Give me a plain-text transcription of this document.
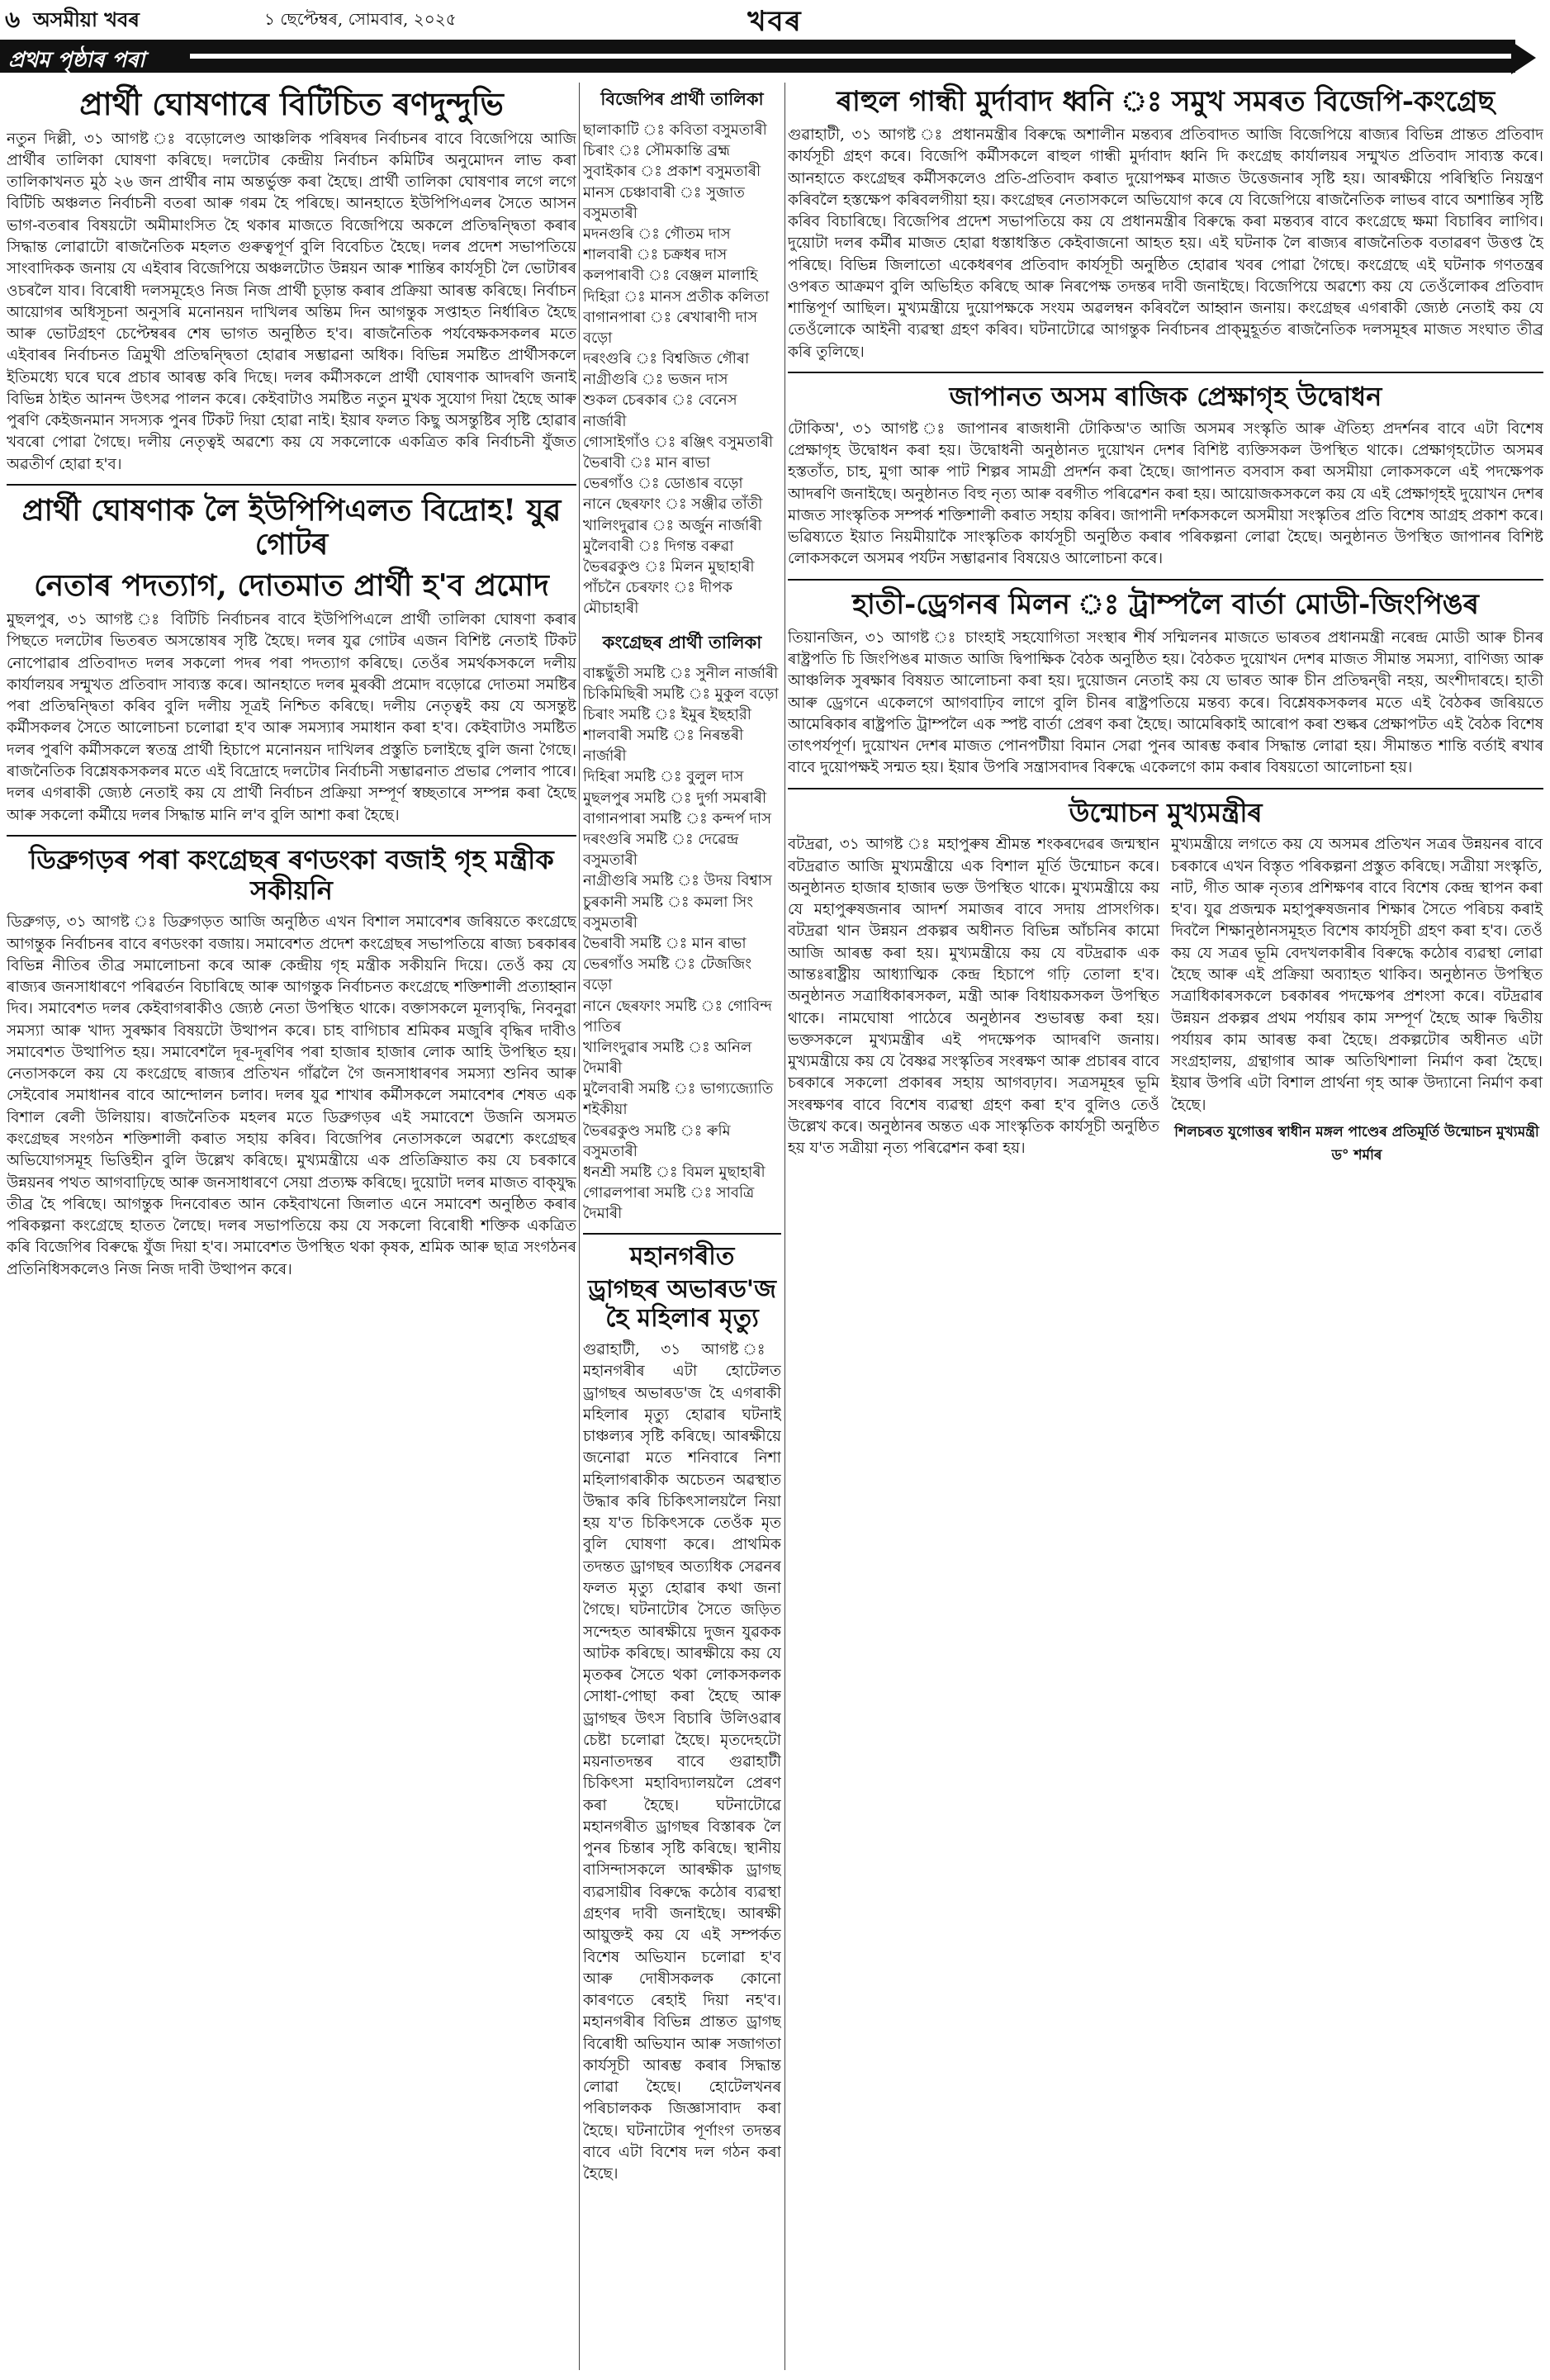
৬ অসমীয়া খবৰ	১ ছেপ্টেম্বৰ, সোমবাৰ, ২০২৫	খবৰ
প্ৰথম পৃষ্ঠাৰ পৰা
প্ৰাৰ্থী ঘোষণাৰে বিটিচিত ৰণদুন্দুভি
নতুন দিল্লী, ৩১ আগষ্ট ঃ বড়োলেণ্ড আঞ্চলিক পৰিষদৰ নিৰ্বাচনৰ বাবে বিজেপিয়ে আজি প্ৰাৰ্থীৰ তালিকা ঘোষণা কৰিছে। দলটোৰ কেন্দ্ৰীয় নিৰ্বাচন কমিটিৰ অনুমোদন লাভ কৰা তালিকাখনত মুঠ ২৬ জন প্ৰাৰ্থীৰ নাম অন্তৰ্ভুক্ত কৰা হৈছে। প্ৰাৰ্থী তালিকা ঘোষণাৰ লগে লগে বিটিচি অঞ্চলত নিৰ্বাচনী বতৰা আৰু গৰম হৈ পৰিছে। আনহাতে ইউপিপিএলৰ সৈতে আসন ভাগ-বতৰাৰ বিষয়টো অমীমাংসিত হৈ থকাৰ মাজতে বিজেপিয়ে অকলে প্ৰতিদ্বন্দ্বিতা কৰাৰ সিদ্ধান্ত লোৱাটো ৰাজনৈতিক মহলত গুৰুত্বপূৰ্ণ বুলি বিবেচিত হৈছে। দলৰ প্ৰদেশ সভাপতিয়ে সাংবাদিকক জনায় যে এইবাৰ বিজেপিয়ে অঞ্চলটোত উন্নয়ন আৰু শান্তিৰ কাৰ্যসূচী লৈ ভোটাৰৰ ওচৰলৈ যাব। বিৰোধী দলসমূহেও নিজ নিজ প্ৰাৰ্থী চূড়ান্ত কৰাৰ প্ৰক্ৰিয়া আৰম্ভ কৰিছে। নিৰ্বাচন আয়োগৰ অধিসূচনা অনুসৰি মনোনয়ন দাখিলৰ অন্তিম দিন আগন্তুক সপ্তাহত নিৰ্ধাৰিত হৈছে আৰু ভোটগ্ৰহণ চেপ্টেম্বৰৰ শেষ ভাগত অনুষ্ঠিত হ'ব। ৰাজনৈতিক পৰ্যবেক্ষকসকলৰ মতে এইবাৰৰ নিৰ্বাচনত ত্ৰিমুখী প্ৰতিদ্বন্দ্বিতা হোৱাৰ সম্ভাৱনা অধিক। বিভিন্ন সমষ্টিত প্ৰাৰ্থীসকলে ইতিমধ্যে ঘৰে ঘৰে প্ৰচাৰ আৰম্ভ কৰি দিছে। দলৰ কৰ্মীসকলে প্ৰাৰ্থী ঘোষণাক আদৰণি জনাই বিভিন্ন ঠাইত আনন্দ উৎসৱ পালন কৰে। কেইবাটাও সমষ্টিত নতুন মুখক সুযোগ দিয়া হৈছে আৰু পুৰণি কেইজনমান সদস্যক পুনৰ টিকট দিয়া হোৱা নাই। ইয়াৰ ফলত কিছু অসন্তুষ্টিৰ সৃষ্টি হোৱাৰ খবৰো পোৱা গৈছে। দলীয় নেতৃত্বই অৱশ্যে কয় যে সকলোকে একত্ৰিত কৰি নিৰ্বাচনী যুঁজত অৱতীৰ্ণ হোৱা হ'ব।
প্ৰাৰ্থী ঘোষণাক লৈ ইউপিপিএলত বিদ্ৰোহ! যুৱ গোটৰ
নেতাৰ পদত্যাগ, দোতমাত প্ৰাৰ্থী হ'ব প্ৰমোদ
মুছলপুৰ, ৩১ আগষ্ট ঃ বিটিচি নিৰ্বাচনৰ বাবে ইউপিপিএলে প্ৰাৰ্থী তালিকা ঘোষণা কৰাৰ পিছতে দলটোৰ ভিতৰত অসন্তোষৰ সৃষ্টি হৈছে। দলৰ যুৱ গোটৰ এজন বিশিষ্ট নেতাই টিকট নোপোৱাৰ প্ৰতিবাদত দলৰ সকলো পদৰ পৰা পদত্যাগ কৰিছে। তেওঁৰ সমৰ্থকসকলে দলীয় কাৰ্যালয়ৰ সন্মুখত প্ৰতিবাদ সাব্যস্ত কৰে। আনহাতে দলৰ মুৰব্বী প্ৰমোদ বড়োৱে দোতমা সমষ্টিৰ পৰা প্ৰতিদ্বন্দ্বিতা কৰিব বুলি দলীয় সূত্ৰই নিশ্চিত কৰিছে। দলীয় নেতৃত্বই কয় যে অসন্তুষ্ট কৰ্মীসকলৰ সৈতে আলোচনা চলোৱা হ'ব আৰু সমস্যাৰ সমাধান কৰা হ'ব। কেইবাটাও সমষ্টিত দলৰ পুৰণি কৰ্মীসকলে স্বতন্ত্ৰ প্ৰাৰ্থী হিচাপে মনোনয়ন দাখিলৰ প্ৰস্তুতি চলাইছে বুলি জনা গৈছে। ৰাজনৈতিক বিশ্লেষকসকলৰ মতে এই বিদ্ৰোহে দলটোৰ নিৰ্বাচনী সম্ভাৱনাত প্ৰভাৱ পেলাব পাৰে। দলৰ এগৰাকী জ্যেষ্ঠ নেতাই কয় যে প্ৰাৰ্থী নিৰ্বাচন প্ৰক্ৰিয়া সম্পূৰ্ণ স্বচ্ছতাৰে সম্পন্ন কৰা হৈছে আৰু সকলো কৰ্মীয়ে দলৰ সিদ্ধান্ত মানি ল'ব বুলি আশা কৰা হৈছে।
ডিব্ৰুগড়ৰ পৰা কংগ্ৰেছৰ ৰণডংকা বজাই গৃহ মন্ত্ৰীক সকীয়নি
ডিব্ৰুগড়, ৩১ আগষ্ট ঃ ডিব্ৰুগড়ত আজি অনুষ্ঠিত এখন বিশাল সমাবেশৰ জৰিয়তে কংগ্ৰেছে আগন্তুক নিৰ্বাচনৰ বাবে ৰণডংকা বজায়। সমাবেশত প্ৰদেশ কংগ্ৰেছৰ সভাপতিয়ে ৰাজ্য চৰকাৰৰ বিভিন্ন নীতিৰ তীব্ৰ সমালোচনা কৰে আৰু কেন্দ্ৰীয় গৃহ মন্ত্ৰীক সকীয়নি দিয়ে। তেওঁ কয় যে ৰাজ্যৰ জনসাধাৰণে পৰিৱৰ্তন বিচাৰিছে আৰু আগন্তুক নিৰ্বাচনত কংগ্ৰেছে শক্তিশালী প্ৰত্যাহ্বান দিব। সমাবেশত দলৰ কেইবাগৰাকীও জ্যেষ্ঠ নেতা উপস্থিত থাকে। বক্তাসকলে মূল্যবৃদ্ধি, নিবনুৱা সমস্যা আৰু খাদ্য সুৰক্ষাৰ বিষয়টো উত্থাপন কৰে। চাহ বাগিচাৰ শ্ৰমিকৰ মজুৰি বৃদ্ধিৰ দাবীও সমাবেশত উত্থাপিত হয়। সমাবেশলৈ দূৰ-দূৰণিৰ পৰা হাজাৰ হাজাৰ লোক আহি উপস্থিত হয়। নেতাসকলে কয় যে কংগ্ৰেছে ৰাজ্যৰ প্ৰতিখন গাঁৱলৈ গৈ জনসাধাৰণৰ সমস্যা শুনিব আৰু সেইবোৰ সমাধানৰ বাবে আন্দোলন চলাব। দলৰ যুৱ শাখাৰ কৰ্মীসকলে সমাবেশৰ শেষত এক বিশাল ৰেলী উলিয়ায়। ৰাজনৈতিক মহলৰ মতে ডিব্ৰুগড়ৰ এই সমাবেশে উজনি অসমত কংগ্ৰেছৰ সংগঠন শক্তিশালী কৰাত সহায় কৰিব। বিজেপিৰ নেতাসকলে অৱশ্যে কংগ্ৰেছৰ অভিযোগসমূহ ভিত্তিহীন বুলি উল্লেখ কৰিছে। মুখ্যমন্ত্ৰীয়ে এক প্ৰতিক্ৰিয়াত কয় যে চৰকাৰে উন্নয়নৰ পথত আগবাঢ়িছে আৰু জনসাধাৰণে সেয়া প্ৰত্যক্ষ কৰিছে। দুয়োটা দলৰ মাজত বাক্‌যুদ্ধ তীব্ৰ হৈ পৰিছে। আগন্তুক দিনবোৰত আন কেইবাখনো জিলাত এনে সমাবেশ অনুষ্ঠিত কৰাৰ পৰিকল্পনা কংগ্ৰেছে হাতত লৈছে। দলৰ সভাপতিয়ে কয় যে সকলো বিৰোধী শক্তিক একত্ৰিত কৰি বিজেপিৰ বিৰুদ্ধে যুঁজ দিয়া হ'ব। সমাবেশত উপস্থিত থকা কৃষক, শ্ৰমিক আৰু ছাত্ৰ সংগঠনৰ প্ৰতিনিধিসকলেও নিজ নিজ দাবী উত্থাপন কৰে।
বিজেপিৰ প্ৰাৰ্থী তালিকা
ছালাকাটি ঃ কবিতা বসুমতাৰী
চিৰাং ঃ সৌমকান্তি ব্ৰহ্ম
সুবাইকাৰ ঃ প্ৰকাশ বসুমতাৰী
মানস চেঞ্চাবাৰী ঃ সুজাত বসুমতাৰী
মদনগুৰি ঃ গৌতম দাস
শালবাৰী ঃ চক্ৰধৰ দাস
কলপাৰাবী ঃ বেঞ্জল মালাহি
দিহিরা ঃ মানস প্ৰতীক কলিতা
বাগানপাৰা ঃ ৰেখাৰাণী দাস বড়ো
দৰংগুৰি ঃ বিশ্বজিত গৌৰা
নাগ্ৰীগুৰি ঃ ভজন দাস
শুকল চেৰকাৰ ঃ বেনেস নাৰ্জাৰী
গোসাইগাঁও ঃ ৰঞ্জিৎ বসুমতাৰী
ভৈৰাবী ঃ মান ৰাভা
ভেৰগাঁও ঃ ডোঙাৰ বড়ো
নানে ছেৰফাং ঃ সঞ্জীৱ তাঁতী
খালিংদুৱাৰ ঃ অৰ্জুন নাৰ্জাৰী
মুলৈবাৰী ঃ দিগন্ত বৰুৱা
ভৈৰৱকুণ্ড ঃ মিলন মুছাহাৰী
পাঁচনৈ চেৰফাং ঃ দীপক মৌচাহাৰী
কংগ্ৰেছৰ প্ৰাৰ্থী তালিকা
বাঙ্কছুঁতী সমষ্টি ঃ সুনীল নাৰ্জাৰী
চিকিমিছিৰী সমষ্টি ঃ মুকুল বড়ো
চিৰাং সমষ্টি ঃ ইমুৰ ইছহারী
শালবাৰী সমষ্টি ঃ নিৰন্তৰী নাৰ্জাৰী
দিহিৰা সমষ্টি ঃ বুলুল দাস
মুছলপুৰ সমষ্টি ঃ দুৰ্গা সমৰাৰী
বাগানপাৰা সমষ্টি ঃ কন্দৰ্প দাস
দৰংগুৰি সমষ্টি ঃ দেৱেন্দ্ৰ বসুমতাৰী
নাগ্ৰীগুৰি সমষ্টি ঃ উদয় বিশ্বাস
চুৰকানী সমষ্টি ঃ কমলা সিং বসুমতাৰী
ভৈৰাবী সমষ্টি ঃ মান ৰাভা
ভেৰগাঁও সমষ্টি ঃ টেজজিং বড়ো
নানে ছেৰফাং সমষ্টি ঃ গোবিন্দ পাতিৰ
খালিংদুৱাৰ সমষ্টি ঃ অনিল দৈমাৰী
মুলৈবাৰী সমষ্টি ঃ ভাগ্যজ্যোতি শইকীয়া
ভৈৰৱকুণ্ড সমষ্টি ঃ ৰুমি বসুমতাৰী
ধনশ্ৰী সমষ্টি ঃ বিমল মুছাহাৰী
গোৱলপাৰা সমষ্টি ঃ সাবত্ৰি দৈমাৰী
মহানগৰীত
ড্ৰাগছৰ অভাৰড'জ হৈ মহিলাৰ মৃত্যু
গুৱাহাটী, ৩১ আগষ্ট ঃ মহানগৰীৰ এটা হোটেলত ড্ৰাগছৰ অভাৰড'জ হৈ এগৰাকী মহিলাৰ মৃত্যু হোৱাৰ ঘটনাই চাঞ্চল্যৰ সৃষ্টি কৰিছে। আৰক্ষীয়ে জনোৱা মতে শনিবাৰে নিশা মহিলাগৰাকীক অচেতন অৱস্থাত উদ্ধাৰ কৰি চিকিৎসালয়লৈ নিয়া হয় য'ত চিকিৎসকে তেওঁক মৃত বুলি ঘোষণা কৰে। প্ৰাথমিক তদন্তত ড্ৰাগছৰ অত্যধিক সেৱনৰ ফলত মৃত্যু হোৱাৰ কথা জনা গৈছে। ঘটনাটোৰ সৈতে জড়িত সন্দেহত আৰক্ষীয়ে দুজন যুৱকক আটক কৰিছে। আৰক্ষীয়ে কয় যে মৃতকৰ সৈতে থকা লোকসকলক সোধা-পোছা কৰা হৈছে আৰু ড্ৰাগছৰ উৎস বিচাৰি উলিওৱাৰ চেষ্টা চলোৱা হৈছে। মৃতদেহটো ময়নাতদন্তৰ বাবে গুৱাহাটী চিকিৎসা মহাবিদ্যালয়লৈ প্ৰেৰণ কৰা হৈছে। ঘটনাটোৱে মহানগৰীত ড্ৰাগছৰ বিস্তাৰক লৈ পুনৰ চিন্তাৰ সৃষ্টি কৰিছে। স্থানীয় বাসিন্দাসকলে আৰক্ষীক ড্ৰাগছ ব্যৱসায়ীৰ বিৰুদ্ধে কঠোৰ ব্যৱস্থা গ্ৰহণৰ দাবী জনাইছে। আৰক্ষী আয়ুক্তই কয় যে এই সম্পৰ্কত বিশেষ অভিযান চলোৱা হ'ব আৰু দোষীসকলক কোনো কাৰণতে ৰেহাই দিয়া নহ'ব। মহানগৰীৰ বিভিন্ন প্ৰান্তত ড্ৰাগছ বিৰোধী অভিযান আৰু সজাগতা কাৰ্যসূচী আৰম্ভ কৰাৰ সিদ্ধান্ত লোৱা হৈছে। হোটেলখনৰ পৰিচালকক জিজ্ঞাসাবাদ কৰা হৈছে। ঘটনাটোৰ পূৰ্ণাংগ তদন্তৰ বাবে এটা বিশেষ দল গঠন কৰা হৈছে।
ৰাহুল গান্ধী মুৰ্দাবাদ ধ্বনি ঃ সমুখ সমৰত বিজেপি-কংগ্ৰেছ
গুৱাহাটী, ৩১ আগষ্ট ঃ প্ৰধানমন্ত্ৰীৰ বিৰুদ্ধে অশালীন মন্তব্যৰ প্ৰতিবাদত আজি বিজেপিয়ে ৰাজ্যৰ বিভিন্ন প্ৰান্তত প্ৰতিবাদ কাৰ্যসূচী গ্ৰহণ কৰে। বিজেপি কৰ্মীসকলে ৰাহুল গান্ধী মুৰ্দাবাদ ধ্বনি দি কংগ্ৰেছ কাৰ্যালয়ৰ সন্মুখত প্ৰতিবাদ সাব্যস্ত কৰে। আনহাতে কংগ্ৰেছৰ কৰ্মীসকলেও প্ৰতি-প্ৰতিবাদ কৰাত দুয়োপক্ষৰ মাজত উত্তেজনাৰ সৃষ্টি হয়। আৰক্ষীয়ে পৰিস্থিতি নিয়ন্ত্ৰণ কৰিবলৈ হস্তক্ষেপ কৰিবলগীয়া হয়। কংগ্ৰেছৰ নেতাসকলে অভিযোগ কৰে যে বিজেপিয়ে ৰাজনৈতিক লাভৰ বাবে অশান্তিৰ সৃষ্টি কৰিব বিচাৰিছে। বিজেপিৰ প্ৰদেশ সভাপতিয়ে কয় যে প্ৰধানমন্ত্ৰীৰ বিৰুদ্ধে কৰা মন্তব্যৰ বাবে কংগ্ৰেছে ক্ষমা বিচাৰিব লাগিব। দুয়োটা দলৰ কৰ্মীৰ মাজত হোৱা ধস্তাধস্তিত কেইবাজনো আহত হয়। এই ঘটনাক লৈ ৰাজ্যৰ ৰাজনৈতিক বতাৱৰণ উত্তপ্ত হৈ পৰিছে। বিভিন্ন জিলাতো একেধৰণৰ প্ৰতিবাদ কাৰ্যসূচী অনুষ্ঠিত হোৱাৰ খবৰ পোৱা গৈছে। কংগ্ৰেছে এই ঘটনাক গণতন্ত্ৰৰ ওপৰত আক্ৰমণ বুলি অভিহিত কৰিছে আৰু নিৰপেক্ষ তদন্তৰ দাবী জনাইছে। বিজেপিয়ে অৱশ্যে কয় যে তেওঁলোকৰ প্ৰতিবাদ শান্তিপূৰ্ণ আছিল। মুখ্যমন্ত্ৰীয়ে দুয়োপক্ষকে সংযম অৱলম্বন কৰিবলৈ আহ্বান জনায়। কংগ্ৰেছৰ এগৰাকী জ্যেষ্ঠ নেতাই কয় যে তেওঁলোকে আইনী ব্যৱস্থা গ্ৰহণ কৰিব। ঘটনাটোৱে আগন্তুক নিৰ্বাচনৰ প্ৰাক্‌মুহূৰ্তত ৰাজনৈতিক দলসমূহৰ মাজত সংঘাত তীব্ৰ কৰি তুলিছে।
জাপানত অসম ৰাজিক প্ৰেক্ষাগৃহ উদ্বোধন
টোকিঅ', ৩১ আগষ্ট ঃ জাপানৰ ৰাজধানী টোকিঅ'ত আজি অসমৰ সংস্কৃতি আৰু ঐতিহ্য প্ৰদৰ্শনৰ বাবে এটা বিশেষ প্ৰেক্ষাগৃহ উদ্বোধন কৰা হয়। উদ্বোধনী অনুষ্ঠানত দুয়োখন দেশৰ বিশিষ্ট ব্যক্তিসকল উপস্থিত থাকে। প্ৰেক্ষাগৃহটোত অসমৰ হস্ততাঁত, চাহ, মুগা আৰু পাট শিল্পৰ সামগ্ৰী প্ৰদৰ্শন কৰা হৈছে। জাপানত বসবাস কৰা অসমীয়া লোকসকলে এই পদক্ষেপক আদৰণি জনাইছে। অনুষ্ঠানত বিহু নৃত্য আৰু বৰগীত পৰিৱেশন কৰা হয়। আয়োজকসকলে কয় যে এই প্ৰেক্ষাগৃহই দুয়োখন দেশৰ মাজত সাংস্কৃতিক সম্পৰ্ক শক্তিশালী কৰাত সহায় কৰিব। জাপানী দৰ্শকসকলে অসমীয়া সংস্কৃতিৰ প্ৰতি বিশেষ আগ্ৰহ প্ৰকাশ কৰে। ভৱিষ্যতে ইয়াত নিয়মীয়াকৈ সাংস্কৃতিক কাৰ্যসূচী অনুষ্ঠিত কৰাৰ পৰিকল্পনা লোৱা হৈছে। অনুষ্ঠানত উপস্থিত জাপানৰ বিশিষ্ট লোকসকলে অসমৰ পৰ্যটন সম্ভাৱনাৰ বিষয়েও আলোচনা কৰে।
হাতী-ড্ৰেগনৰ মিলন ঃ ট্ৰাম্পলৈ বাৰ্তা মোডী-জিংপিঙৰ
তিয়ানজিন, ৩১ আগষ্ট ঃ চাংহাই সহযোগিতা সংস্থাৰ শীৰ্ষ সন্মিলনৰ মাজতে ভাৰতৰ প্ৰধানমন্ত্ৰী নৰেন্দ্ৰ মোডী আৰু চীনৰ ৰাষ্ট্ৰপতি চি জিংপিঙৰ মাজত আজি দ্বিপাক্ষিক বৈঠক অনুষ্ঠিত হয়। বৈঠকত দুয়োখন দেশৰ মাজত সীমান্ত সমস্যা, বাণিজ্য আৰু আঞ্চলিক সুৰক্ষাৰ বিষয়ত আলোচনা কৰা হয়। দুয়োজন নেতাই কয় যে ভাৰত আৰু চীন প্ৰতিদ্বন্দ্বী নহয়, অংশীদাৰহে। হাতী আৰু ড্ৰেগনে একেলগে আগবাঢ়িব লাগে বুলি চীনৰ ৰাষ্ট্ৰপতিয়ে মন্তব্য কৰে। বিশ্লেষকসকলৰ মতে এই বৈঠকৰ জৰিয়তে আমেৰিকাৰ ৰাষ্ট্ৰপতি ট্ৰাম্পলৈ এক স্পষ্ট বাৰ্তা প্ৰেৰণ কৰা হৈছে। আমেৰিকাই আৰোপ কৰা শুল্কৰ প্ৰেক্ষাপটত এই বৈঠক বিশেষ তাৎপৰ্যপূৰ্ণ। দুয়োখন দেশৰ মাজত পোনপটীয়া বিমান সেৱা পুনৰ আৰম্ভ কৰাৰ সিদ্ধান্ত লোৱা হয়। সীমান্তত শান্তি বৰ্তাই ৰখাৰ বাবে দুয়োপক্ষই সন্মত হয়। ইয়াৰ উপৰি সন্ত্ৰাসবাদৰ বিৰুদ্ধে একেলগে কাম কৰাৰ বিষয়তো আলোচনা হয়।
উন্মোচন মুখ্যমন্ত্ৰীৰ
বটদ্ৰৱা, ৩১ আগষ্ট ঃ মহাপুৰুষ শ্ৰীমন্ত শংকৰদেৱৰ জন্মস্থান বটদ্ৰৱাত আজি মুখ্যমন্ত্ৰীয়ে এক বিশাল মূৰ্তি উন্মোচন কৰে। অনুষ্ঠানত হাজাৰ হাজাৰ ভক্ত উপস্থিত থাকে। মুখ্যমন্ত্ৰীয়ে কয় যে মহাপুৰুষজনাৰ আদৰ্শ সমাজৰ বাবে সদায় প্ৰাসংগিক। বটদ্ৰৱা থান উন্নয়ন প্ৰকল্পৰ অধীনত বিভিন্ন আঁচনিৰ কামো আজি আৰম্ভ কৰা হয়। মুখ্যমন্ত্ৰীয়ে কয় যে বটদ্ৰৱাক এক আন্তঃৰাষ্ট্ৰীয় আধ্যাত্মিক কেন্দ্ৰ হিচাপে গঢ়ি তোলা হ'ব। অনুষ্ঠানত সত্ৰাধিকাৰসকল, মন্ত্ৰী আৰু বিধায়কসকল উপস্থিত থাকে। নামঘোষা পাঠেৰে অনুষ্ঠানৰ শুভাৰম্ভ কৰা হয়। ভক্তসকলে মুখ্যমন্ত্ৰীৰ এই পদক্ষেপক আদৰণি জনায়। মুখ্যমন্ত্ৰীয়ে কয় যে বৈষ্ণৱ সংস্কৃতিৰ সংৰক্ষণ আৰু প্ৰচাৰৰ বাবে চৰকাৰে সকলো প্ৰকাৰৰ সহায় আগবঢ়াব। সত্ৰসমূহৰ ভূমি সংৰক্ষণৰ বাবে বিশেষ ব্যৱস্থা গ্ৰহণ কৰা হ'ব বুলিও তেওঁ উল্লেখ কৰে। অনুষ্ঠানৰ অন্তত এক সাংস্কৃতিক কাৰ্যসূচী অনুষ্ঠিত হয় য'ত সত্ৰীয়া নৃত্য পৰিৱেশন কৰা হয়।
মুখ্যমন্ত্ৰীয়ে লগতে কয় যে অসমৰ প্ৰতিখন সত্ৰৰ উন্নয়নৰ বাবে চৰকাৰে এখন বিস্তৃত পৰিকল্পনা প্ৰস্তুত কৰিছে। সত্ৰীয়া সংস্কৃতি, নাট, গীত আৰু নৃত্যৰ প্ৰশিক্ষণৰ বাবে বিশেষ কেন্দ্ৰ স্থাপন কৰা হ'ব। যুৱ প্ৰজন্মক মহাপুৰুষজনাৰ শিক্ষাৰ সৈতে পৰিচয় কৰাই দিবলৈ শিক্ষানুষ্ঠানসমূহত বিশেষ কাৰ্যসূচী গ্ৰহণ কৰা হ'ব। তেওঁ কয় যে সত্ৰৰ ভূমি বেদখলকাৰীৰ বিৰুদ্ধে কঠোৰ ব্যৱস্থা লোৱা হৈছে আৰু এই প্ৰক্ৰিয়া অব্যাহত থাকিব। অনুষ্ঠানত উপস্থিত সত্ৰাধিকাৰসকলে চৰকাৰৰ পদক্ষেপৰ প্ৰশংসা কৰে। বটদ্ৰৱাৰ উন্নয়ন প্ৰকল্পৰ প্ৰথম পৰ্যায়ৰ কাম সম্পূৰ্ণ হৈছে আৰু দ্বিতীয় পৰ্যায়ৰ কাম আৰম্ভ কৰা হৈছে। প্ৰকল্পটোৰ অধীনত এটা সংগ্ৰহালয়, গ্ৰন্থাগাৰ আৰু অতিথিশালা নিৰ্মাণ কৰা হৈছে। ইয়াৰ উপৰি এটা বিশাল প্ৰাৰ্থনা গৃহ আৰু উদ্যানো নিৰ্মাণ কৰা হৈছে।
শিলচৰত যুগোত্তৰ স্বাধীন মঙ্গল পাণ্ডেৰ প্ৰতিমূৰ্তি উন্মোচন মুখ্যমন্ত্ৰী ড° শৰ্মাৰ
